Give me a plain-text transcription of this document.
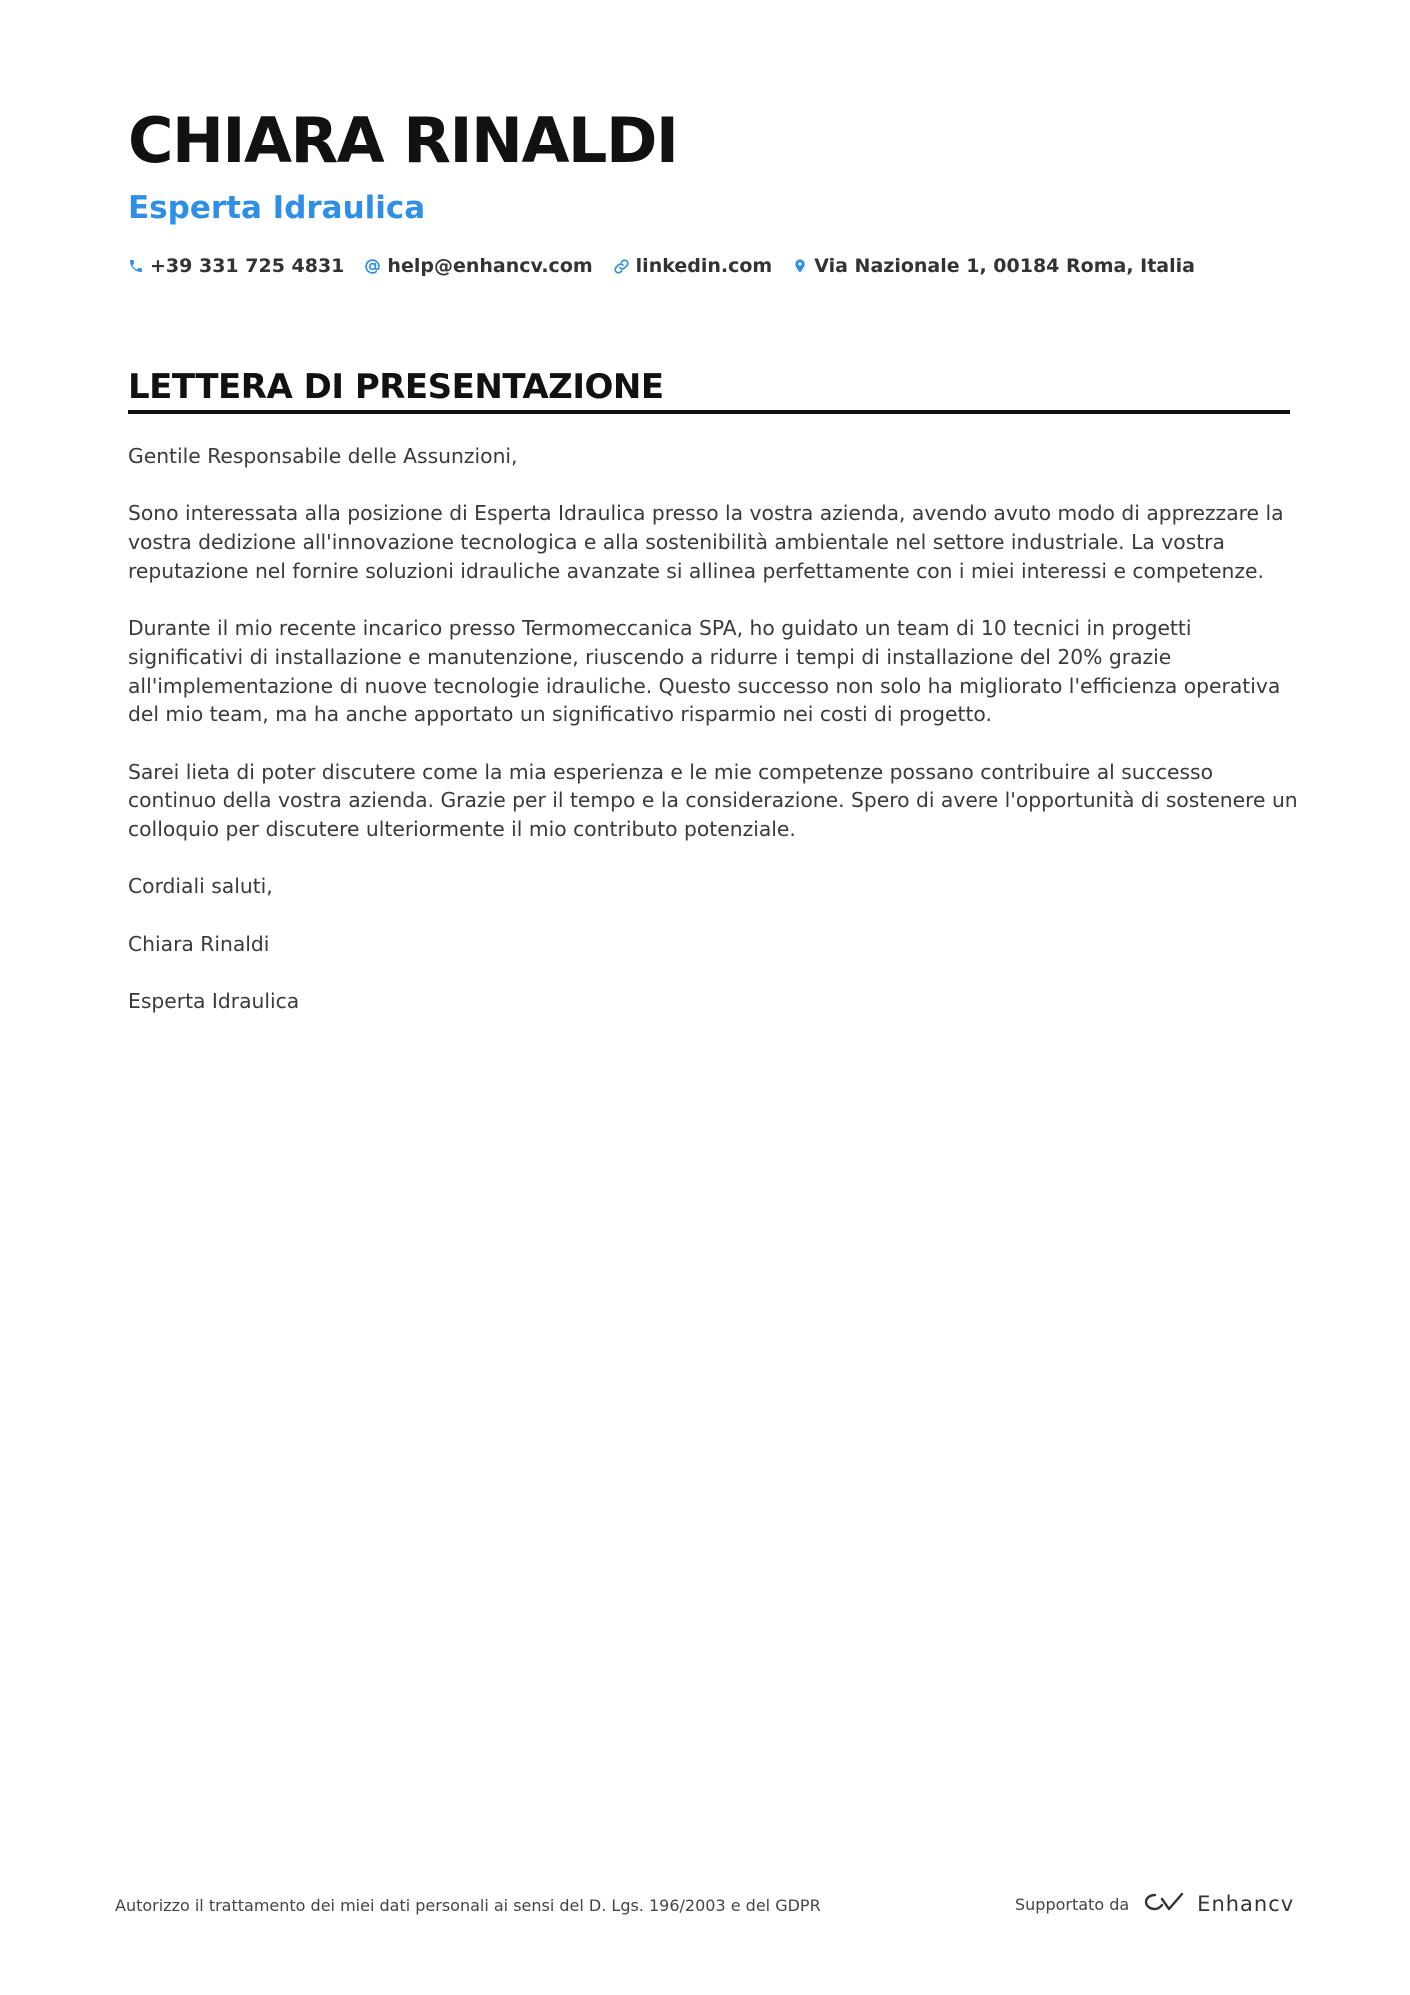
CHIARA RINALDI
Esperta Idraulica
+39 331 725 4831 help@enhancv.com linkedin.com Via Nazionale 1, 00184 Roma, Italia
LETTERA DI PRESENTAZIONE

Gentile Responsabile delle Assunzioni,

Sono interessata alla posizione di Esperta Idraulica presso la vostra azienda, avendo avuto modo di apprezzare la vostra dedizione all'innovazione tecnologica e alla sostenibilità ambientale nel settore industriale. La vostra reputazione nel fornire soluzioni idrauliche avanzate si allinea perfettamente con i miei interessi e competenze.

Durante il mio recente incarico presso Termomeccanica SPA, ho guidato un team di 10 tecnici in progetti significativi di installazione e manutenzione, riuscendo a ridurre i tempi di installazione del 20% grazie all'implementazione di nuove tecnologie idrauliche. Questo successo non solo ha migliorato l'efficienza operativa del mio team, ma ha anche apportato un significativo risparmio nei costi di progetto.

Sarei lieta di poter discutere come la mia esperienza e le mie competenze possano contribuire al successo continuo della vostra azienda. Grazie per il tempo e la considerazione. Spero di avere l'opportunità di sostenere un colloquio per discutere ulteriormente il mio contributo potenziale.

Cordiali saluti,

Chiara Rinaldi

Esperta Idraulica

Autorizzo il trattamento dei miei dati personali ai sensi del D. Lgs. 196/2003 e del GDPR	Supportato da	Enhancv
